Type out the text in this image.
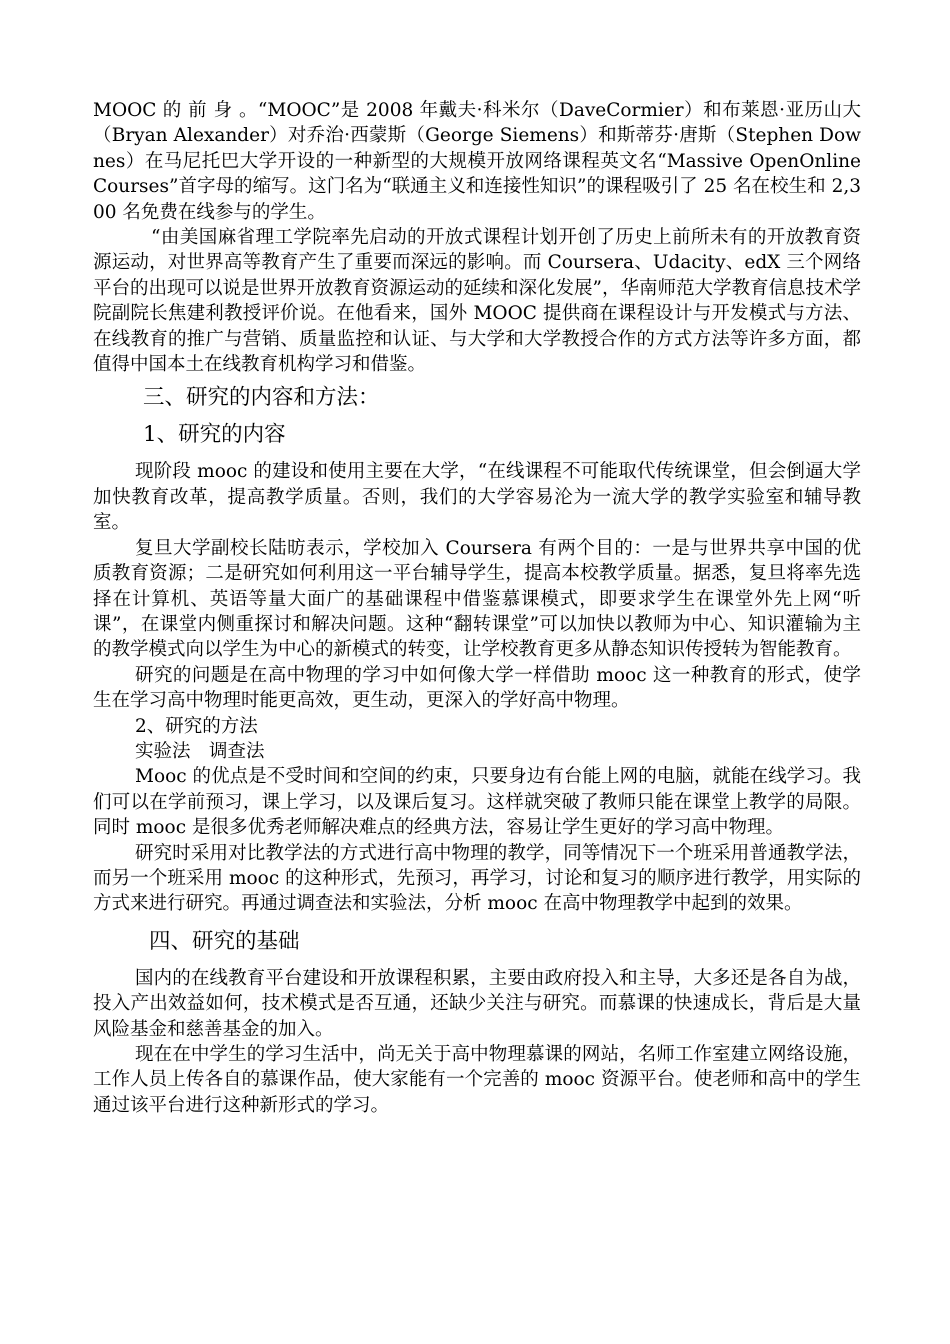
MOOC 的 前 身 。“MOOC”是 2008 年戴夫·科米尔（DaveCormier）和布莱恩·亚历山大（Bryan Alexander）对乔治·西蒙斯（George Siemens）和斯蒂芬·唐斯（Stephen Downes）在马尼托巴大学开设的一种新型的大规模开放网络课程英文名“Massive OpenOnline Courses”首字母的缩写。这门名为“联通主义和连接性知识”的课程吸引了 25 名在校生和 2,300 名免费在线参与的学生。

“由美国麻省理工学院率先启动的开放式课程计划开创了历史上前所未有的开放教育资源运动，对世界高等教育产生了重要而深远的影响。而 Coursera、Udacity、edX 三个网络平台的出现可以说是世界开放教育资源运动的延续和深化发展”，华南师范大学教育信息技术学院副院长焦建利教授评价说。在他看来，国外 MOOC 提供商在课程设计与开发模式与方法、在线教育的推广与营销、质量监控和认证、与大学和大学教授合作的方式方法等许多方面，都值得中国本土在线教育机构学习和借鉴。

三、研究的内容和方法：

1、研究的内容

现阶段 mooc 的建设和使用主要在大学，“在线课程不可能取代传统课堂，但会倒逼大学加快教育改革，提高教学质量。否则，我们的大学容易沦为一流大学的教学实验室和辅导教室。

复旦大学副校长陆昉表示，学校加入 Coursera 有两个目的：一是与世界共享中国的优质教育资源；二是研究如何利用这一平台辅导学生，提高本校教学质量。据悉，复旦将率先选择在计算机、英语等量大面广的基础课程中借鉴慕课模式，即要求学生在课堂外先上网“听课”，在课堂内侧重探讨和解决问题。这种“翻转课堂”可以加快以教师为中心、知识灌输为主的教学模式向以学生为中心的新模式的转变，让学校教育更多从静态知识传授转为智能教育。

研究的问题是在高中物理的学习中如何像大学一样借助 mooc 这一种教育的形式，使学生在学习高中物理时能更高效，更生动，更深入的学好高中物理。

2、研究的方法

实验法　调查法

Mooc 的优点是不受时间和空间的约束，只要身边有台能上网的电脑，就能在线学习。我们可以在学前预习，课上学习，以及课后复习。这样就突破了教师只能在课堂上教学的局限。同时 mooc 是很多优秀老师解决难点的经典方法，容易让学生更好的学习高中物理。

研究时采用对比教学法的方式进行高中物理的教学，同等情况下一个班采用普通教学法，而另一个班采用 mooc 的这种形式，先预习，再学习，讨论和复习的顺序进行教学，用实际的方式来进行研究。再通过调查法和实验法，分析 mooc 在高中物理教学中起到的效果。

四、研究的基础

国内的在线教育平台建设和开放课程积累，主要由政府投入和主导，大多还是各自为战，投入产出效益如何，技术模式是否互通，还缺少关注与研究。而慕课的快速成长，背后是大量风险基金和慈善基金的加入。

现在在中学生的学习生活中，尚无关于高中物理慕课的网站，名师工作室建立网络设施，工作人员上传各自的慕课作品，使大家能有一个完善的 mooc 资源平台。使老师和高中的学生通过该平台进行这种新形式的学习。
